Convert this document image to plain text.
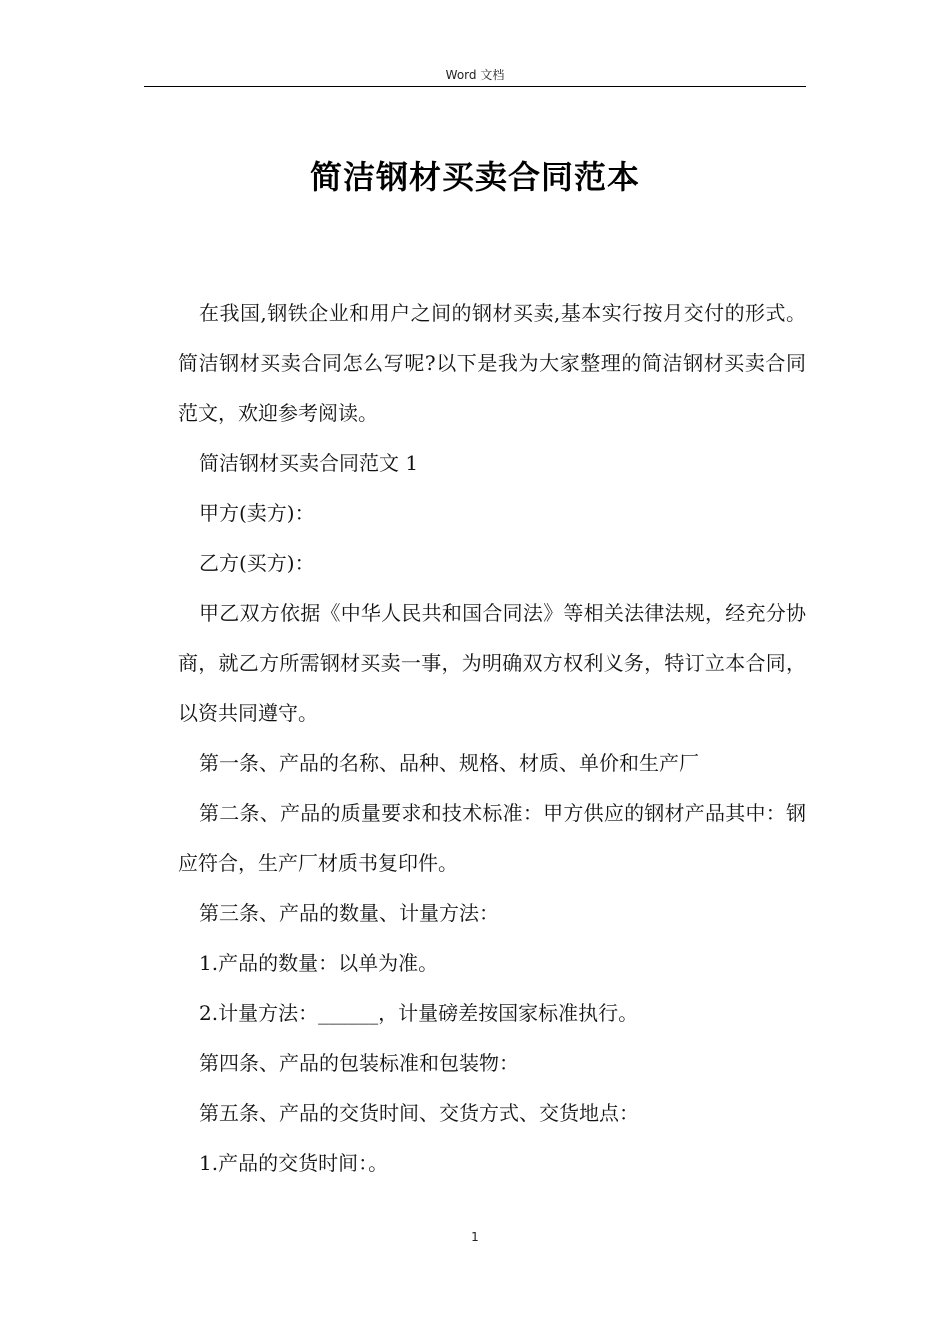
Word 文档
简洁钢材买卖合同范本

在我国,钢铁企业和用户之间的钢材买卖,基本实行按月交付的形式。简洁钢材买卖合同怎么写呢?以下是我为大家整理的简洁钢材买卖合同范文，欢迎参考阅读。

简洁钢材买卖合同范文 1

甲方(卖方)：

乙方(买方)：

甲乙双方依据《中华人民共和国合同法》等相关法律法规，经充分协商，就乙方所需钢材买卖一事，为明确双方权利义务，特订立本合同，以资共同遵守。

第一条、产品的名称、品种、规格、材质、单价和生产厂

第二条、产品的质量要求和技术标准：甲方供应的钢材产品其中：钢应符合，生产厂材质书复印件。

第三条、产品的数量、计量方法：

1.产品的数量：以单为准。

2.计量方法：______，计量磅差按国家标准执行。

第四条、产品的包装标准和包装物：

第五条、产品的交货时间、交货方式、交货地点：

1.产品的交货时间：。

1
